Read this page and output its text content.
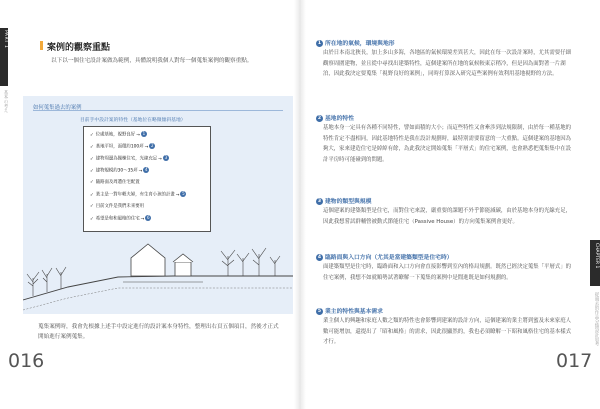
PART 1
基本の考え
案例的觀察重點
以下以一個住宅設計案做為範例，具體說明我個人對每一個蒐集案例的觀察重點。
如何蒐集過去的案例
目前手中設計案的特性（基地位在略微傾斜基地）
✓ 位處基地，視野良好→ 1
✓ 基地平坦，面積約100坪→ 2
✓ 建物周邊為獨棟住宅，光線充足→ 3
✓ 建物規模約30～35坪→ 4
✓ 隨路面及周遭住宅配置
✓ 業主是一對年輕夫婦，有生育小孩的計畫→ 5
✓ 目前文件是我們未來要用
✓ 希望是和和風格的住宅→ 6
蒐集案例時，我會先根據上述手中設定進行的設計案本身特性，整理出右頁五個項目，然後才正式開始進行案例蒐集。
016
CHAPTER 1
從過去的作品分類設計思考
1 所在地的氣候，環境與地形
由於日本南北狹長，加上多山多海，各地區的氣候環境差異甚大，因此在每一次設計案時，尤其需要仔細觀察周圍建物，並且從中尋找出建築特性，這個建案所在地的氣候較東京稍冷，但是因為面對著一片湖泊，因此我決定要蒐集「視野良好的案例」，同時打算深入研究這些案例有效利用基地視野的方法。
2 基地的特性
基地本身一定具有各種不同特性，譬如面積的大小；而這些特性又會牽涉到法規限制，由於每一種基地的特性肯定不盡相同，因此基地特性是我在設計規劃時，最特別需要留意的一大重點。這個建案的基地因為夠大，家來建造住宅是綽綽有餘，為此我決定開始蒐集「平層式」的住宅案例，也會熟悉把蒐集集中在設計平房時可能碰到的問題。
3 建物的類型與規模
這個建案的建築類型是住宅，而對住宅來說，嚴重要的課題不外乎節能減碳，由於基地本身的光線充足，因此我想嘗試群輔營被動式節能住宅（Passive House）的方向蒐集案例會更好。
4 臨路面與入口方向（尤其是當建築類型是住宅時）
面建築類型是住宅時，臨路面和入口方向會直接影響到室內的格局規劃。既然已經決定蒐集「平層式」的住宅案例，我想不如就順勢試著瞭解一下蒐集的案例中是閒進既是如何規劃的。
5 業主的特性與基本需求
業主個人的興趣和家庭人數之類的特性也會影響到建案的設計方向，這個建案的業主將到蜜及未來家庭人數可能增加，還提出了「昭和風格」的需求，因此很顯然的，我也必須瞭解一下昭和風格住宅的基本樣式才行。
017
